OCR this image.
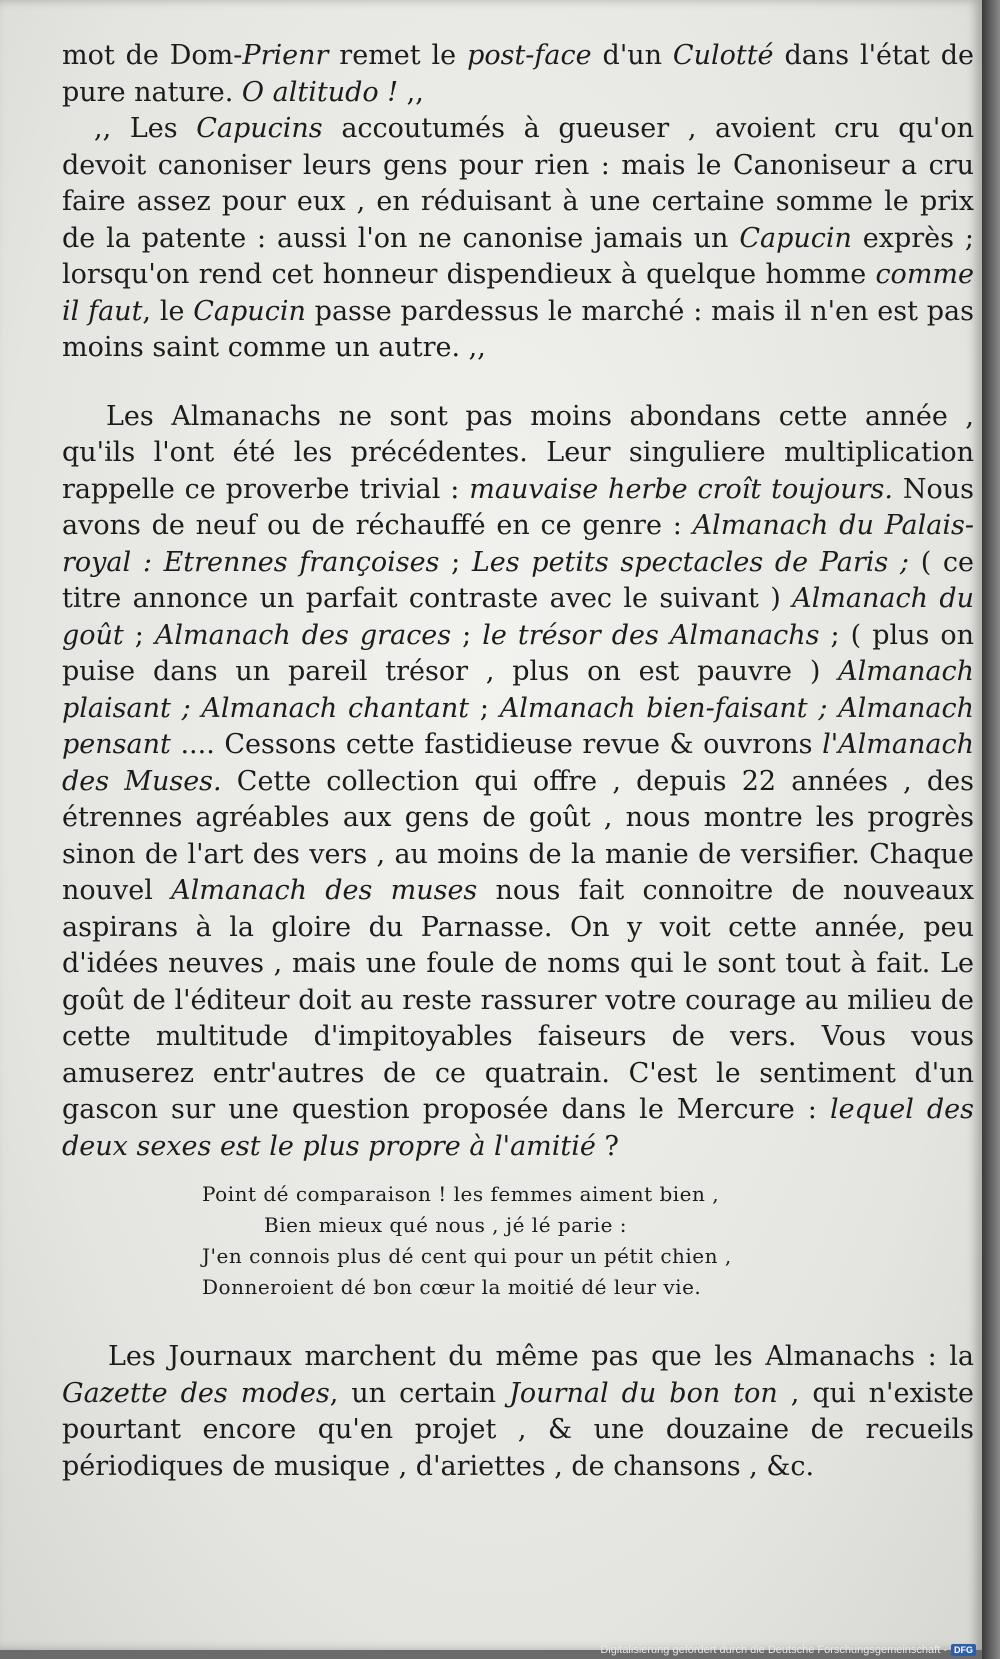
mot de Dom-Prienr remet le post-face d'un Culotté dans l'état de pure nature. O altitudo ! ,,

,, Les Capucins accoutumés à gueuser , avoient cru qu'on devoit canoniser leurs gens pour rien : mais le Canoniseur a cru faire assez pour eux , en réduisant à une certaine somme le prix de la patente : aussi l'on ne canonise jamais un Capucin exprès ; lorsqu'on rend cet honneur dispendieux à quelque homme comme il faut, le Capucin passe pardessus le marché : mais il n'en est pas moins saint comme un autre. ,,

Les Almanachs ne sont pas moins abondans cette année , qu'ils l'ont été les précédentes. Leur singuliere multiplication rappelle ce proverbe trivial : mauvaise herbe croît toujours. Nous avons de neuf ou de réchauffé en ce genre : Almanach du Palais-royal : Etrennes françoises ; Les petits spectacles de Paris ; ( ce titre annonce un parfait contraste avec le suivant ) Almanach du goût ; Almanach des graces ; le trésor des Almanachs ; ( plus on puise dans un pareil trésor , plus on est pauvre ) Almanach plaisant ; Almanach chantant ; Almanach bien-faisant ; Almanach pensant .... Cessons cette fastidieuse revue & ouvrons l'Almanach des Muses. Cette collection qui offre , depuis 22 années , des étrennes agréables aux gens de goût , nous montre les progrès sinon de l'art des vers , au moins de la manie de versifier. Chaque nouvel Almanach des muses nous fait connoitre de nouveaux aspirans à la gloire du Parnasse. On y voit cette année, peu d'idées neuves , mais une foule de noms qui le sont tout à fait. Le goût de l'éditeur doit au reste rassurer votre courage au milieu de cette multitude d'impitoyables faiseurs de vers. Vous vous amuserez entr'autres de ce quatrain. C'est le sentiment d'un gascon sur une question proposée dans le Mercure : lequel des deux sexes est le plus propre à l'amitié ?

Point dé comparaison ! les femmes aiment bien ,
Bien mieux qué nous , jé lé parie :
J'en connois plus dé cent qui pour un pétit chien ,
Donneroient dé bon cœur la moitié dé leur vie.

Les Journaux marchent du même pas que les Almanachs : la Gazette des modes, un certain Journal du bon ton , qui n'existe pourtant encore qu'en projet , & une douzaine de recueils périodiques de musique , d'ariettes , de chansons , &c.

Digitalisierung gefördert durch die Deutsche Forschungsgemeinschaft - DFG
